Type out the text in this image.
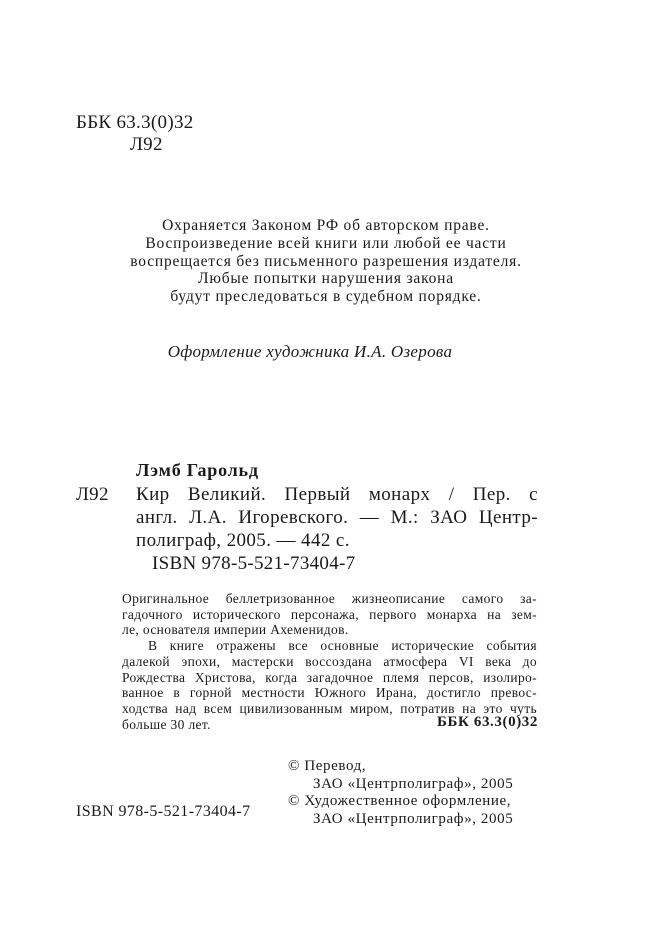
ББК 63.3(0)32
Л92
Охраняется Законом РФ об авторском праве.
Воспроизведение всей книги или любой ее части
воспрещается без письменного разрешения издателя.
Любые попытки нарушения закона
будут преследоваться в судебном порядке.
Оформление художника И.А. Озерова
Лэмб Гарольд
Л92 Кир Великий. Первый монарх / Пер. с
англ. Л.А. Игоревского. — М.: ЗАО Центр-
полиграф, 2005. — 442 с.
ISBN 978-5-521-73404-7
Оригинальное беллетризованное жизнеописание самого за-
гадочного исторического персонажа, первого монарха на зем-
ле, основателя империи Ахеменидов.
В книге отражены все основные исторические события
далекой эпохи, мастерски воссоздана атмосфера VI века до
Рождества Христова, когда загадочное племя персов, изолиро-
ванное в горной местности Южного Ирана, достигло превос-
ходства над всем цивилизованным миром, потратив на это чуть
больше 30 лет.	ББК 63.3(0)32
© Перевод,
ЗАО «Центрполиграф», 2005
© Художественное оформление,
ЗАО «Центрполиграф», 2005
ISBN 978-5-521-73404-7
